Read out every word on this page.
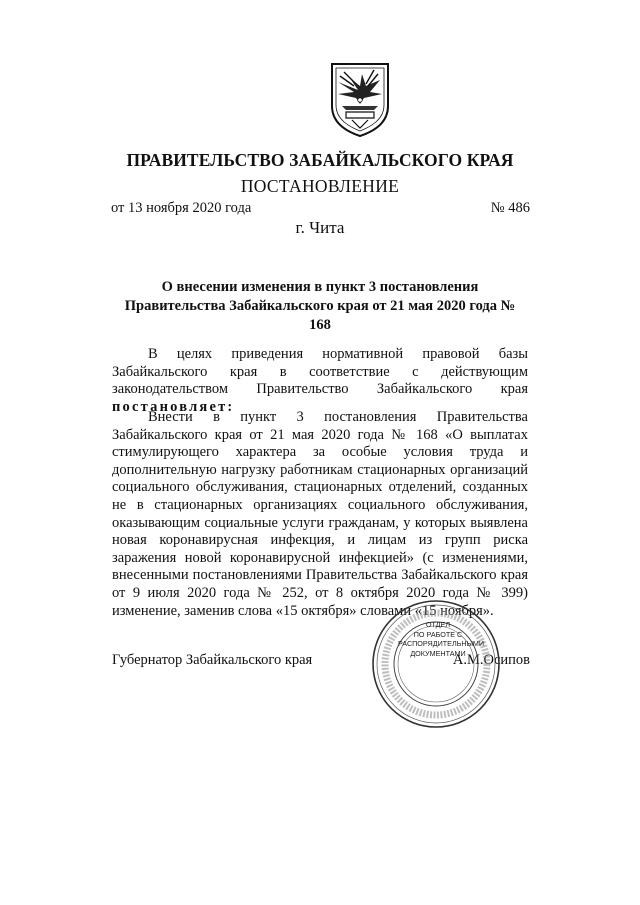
ПРАВИТЕЛЬСТВО ЗАБАЙКАЛЬСКОГО КРАЯ
ПОСТАНОВЛЕНИЕ
от 13 ноября 2020 года	№ 486
г. Чита
О внесении изменения в пункт 3 постановления Правительства Забайкальского края от 21 мая 2020 года № 168

В целях приведения нормативной правовой базы Забайкальского края в соответствие с действующим законодательством Правительство Забайкальского края постановляет:

Внести в пункт 3 постановления Правительства Забайкальского края от 21 мая 2020 года № 168 «О выплатах стимулирующего характера за особые условия труда и дополнительную нагрузку работникам стационарных организаций социального обслуживания, стационарных отделений, созданных не в стационарных организациях социального обслуживания, оказывающим социальные услуги гражданам, у которых выявлена новая коронавирусная инфекция, и лицам из групп риска заражения новой коронавирусной инфекцией» (с изменениями, внесенными постановлениями Правительства Забайкальского края от 9 июля 2020 года № 252, от 8 октября 2020 года № 399) изменение, заменив слова «15 октября» словами «15 ноября».

Губернатор Забайкальского края	А.М.Осипов
ОТДЕЛ
ПО РАБОТЕ С
РАСПОРЯДИТЕЛЬНЫМИ
ДОКУМЕНТАМИ
